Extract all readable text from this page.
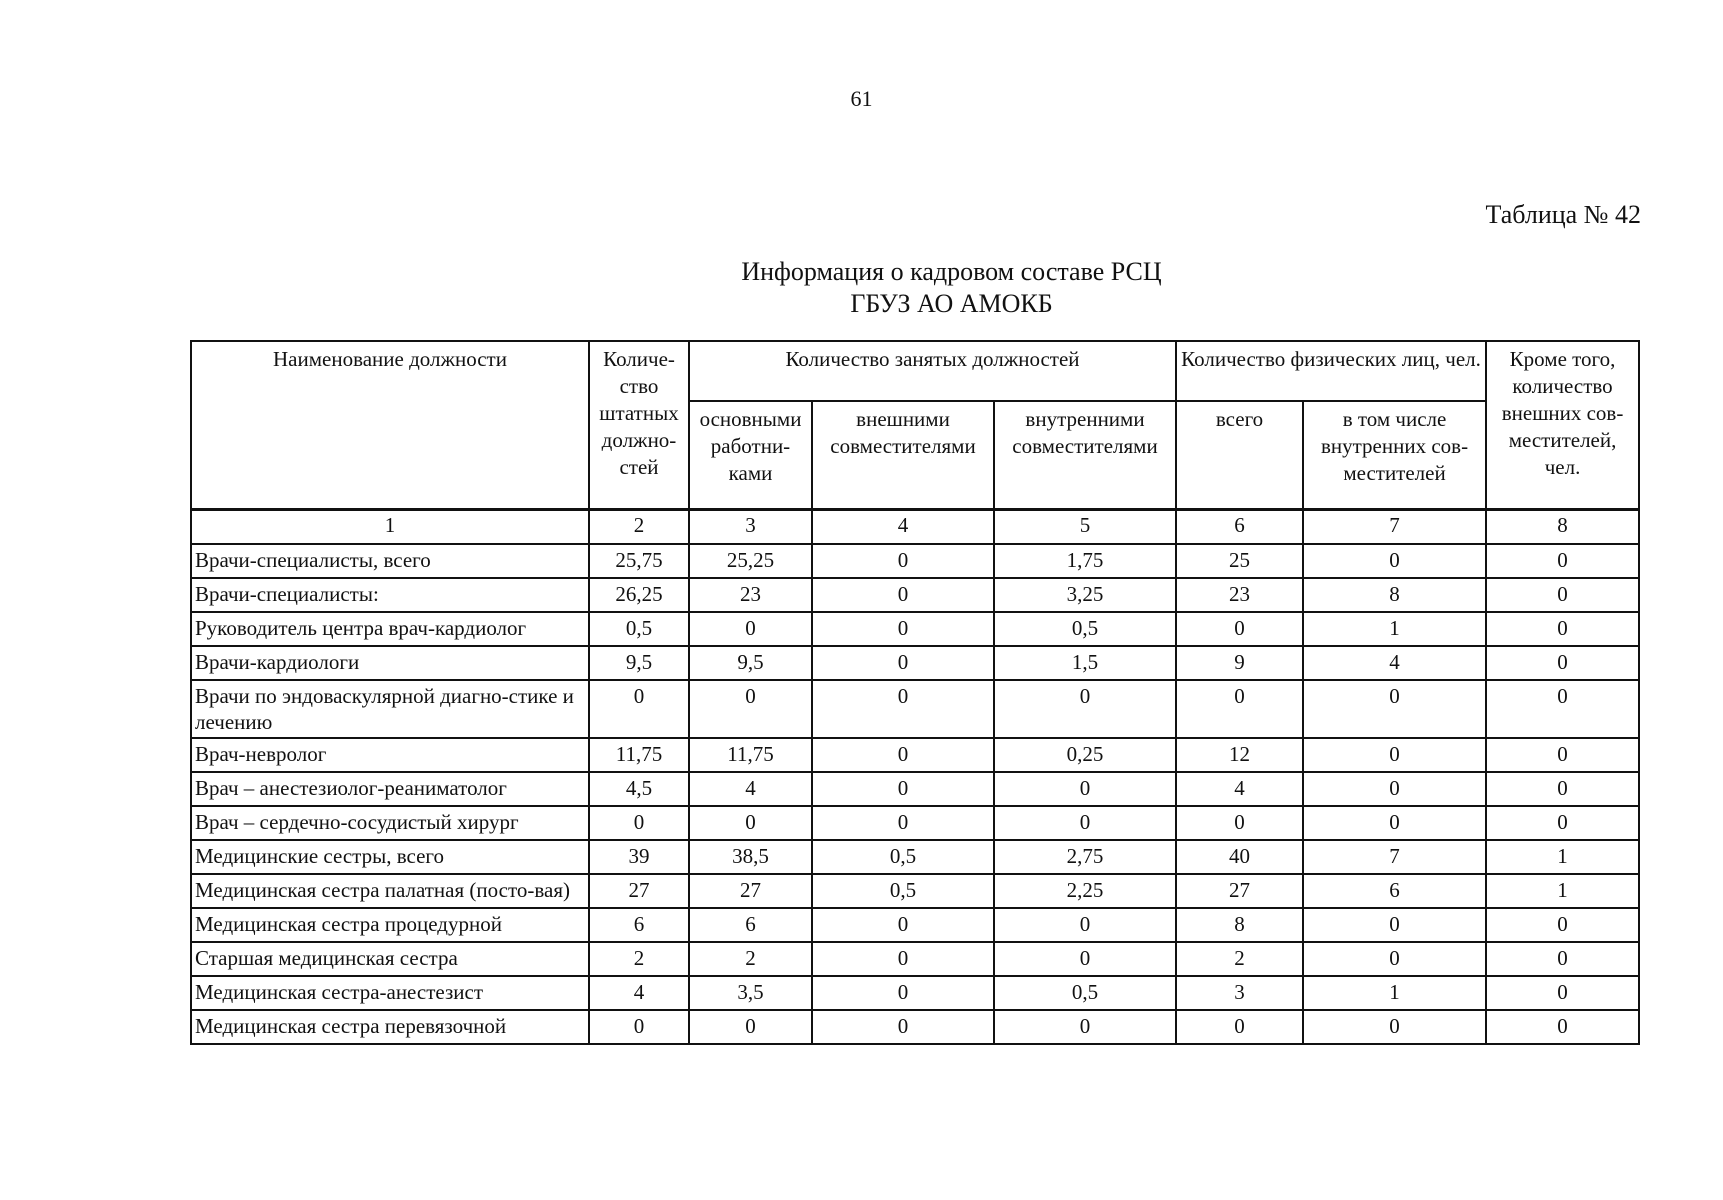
61
Таблица № 42
Информация о кадровом составе РСЦ
ГБУЗ АО АМОКБ
Наименование должности	Количе-ство штатных должно-стей	Количество занятых должностей			Количество физических лиц, чел.		Кроме того, количество внешних сов-местителей, чел.
		основными работни-ками	внешними совместителями	внутренними совместителями	всего	в том числе внутренних сов-местителей	
1	2	3	4	5	6	7	8
Врачи-специалисты, всего	25,75	25,25	0	1,75	25	0	0
Врачи-специалисты:	26,25	23	0	3,25	23	8	0
Руководитель центра врач-кардиолог	0,5	0	0	0,5	0	1	0
Врачи-кардиологи	9,5	9,5	0	1,5	9	4	0
Врачи по эндоваскулярной диагно-стике и лечению	0	0	0	0	0	0	0
Врач-невролог	11,75	11,75	0	0,25	12	0	0
Врач – анестезиолог-реаниматолог	4,5	4	0	0	4	0	0
Врач – сердечно-сосудистый хирург	0	0	0	0	0	0	0
Медицинские сестры, всего	39	38,5	0,5	2,75	40	7	1
Медицинская сестра палатная (посто-вая)	27	27	0,5	2,25	27	6	1
Медицинская сестра процедурной	6	6	0	0	8	0	0
Старшая медицинская сестра	2	2	0	0	2	0	0
Медицинская сестра-анестезист	4	3,5	0	0,5	3	1	0
Медицинская сестра перевязочной	0	0	0	0	0	0	0
